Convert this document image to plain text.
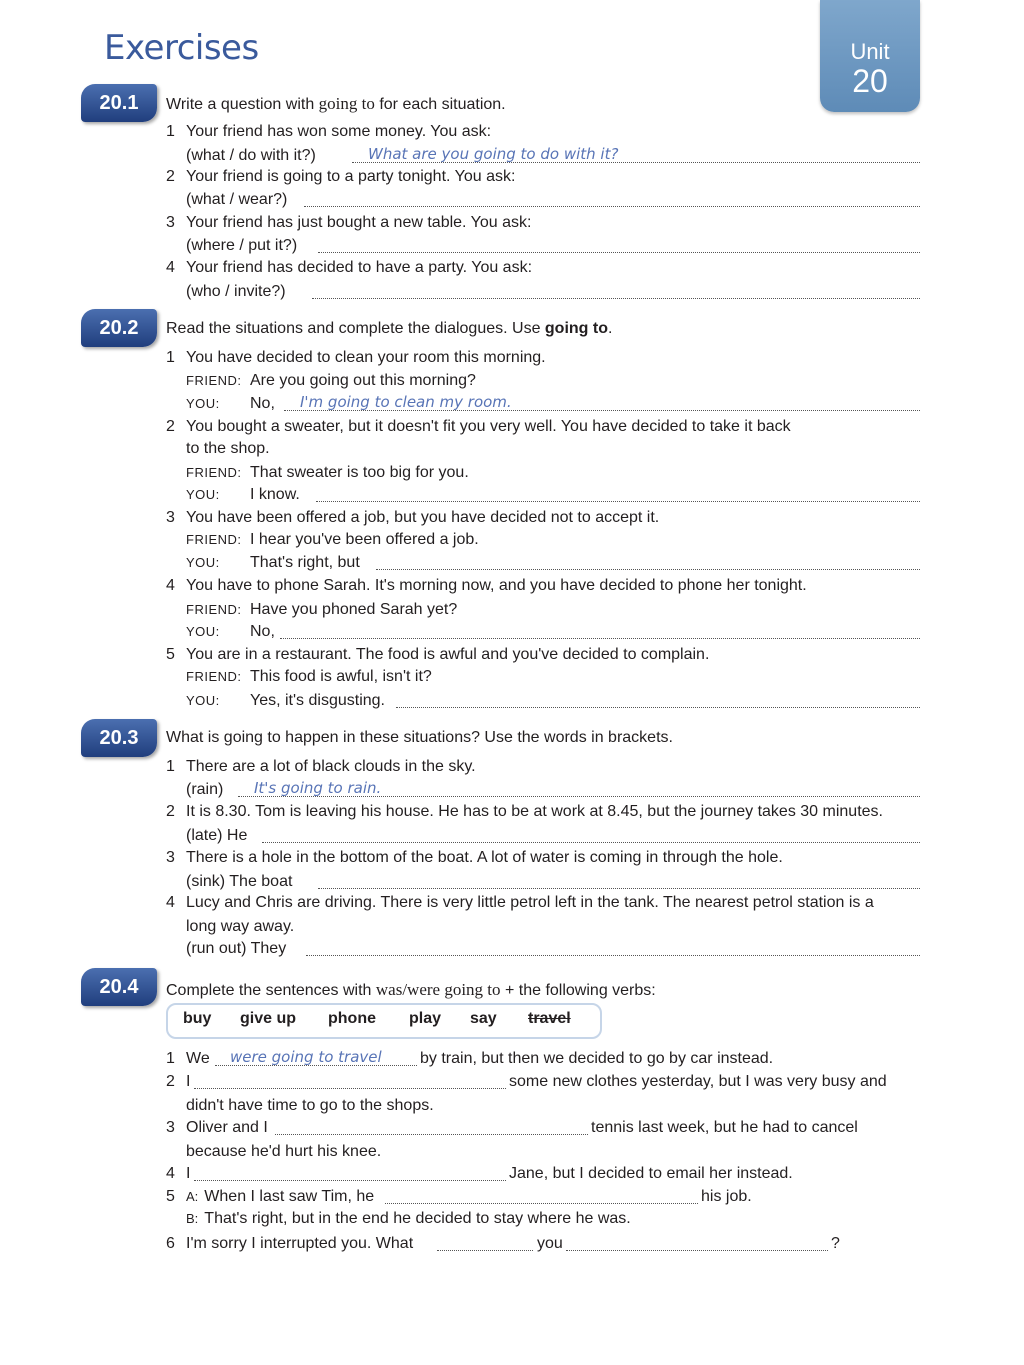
Exercises	Unit
20
20.1	Write a question with going to for each situation.
1 Your friend has won some money. You ask:
(what / do with it?)	What are you going to do with it?
2 Your friend is going to a party tonight. You ask:
(what / wear?)
3 Your friend has just bought a new table. You ask:
(where / put it?)
4 Your friend has decided to have a party. You ask:
(who / invite?)
20.2	Read the situations and complete the dialogues. Use going to.
1 You have decided to clean your room this morning.
FRIEND: Are you going out this morning?
YOU: No, I'm going to clean my room.
2 You bought a sweater, but it doesn't fit you very well. You have decided to take it back
to the shop.
FRIEND: That sweater is too big for you.
YOU: I know.
3 You have been offered a job, but you have decided not to accept it.
FRIEND: I hear you've been offered a job.
YOU: That's right, but
4 You have to phone Sarah. It's morning now, and you have decided to phone her tonight.
FRIEND: Have you phoned Sarah yet?
YOU: No,
5 You are in a restaurant. The food is awful and you've decided to complain.
FRIEND: This food is awful, isn't it?
YOU: Yes, it's disgusting.
20.3	What is going to happen in these situations? Use the words in brackets.
1 There are a lot of black clouds in the sky.
(rain) It's going to rain.
2 It is 8.30. Tom is leaving his house. He has to be at work at 8.45, but the journey takes 30 minutes.
(late) He
3 There is a hole in the bottom of the boat. A lot of water is coming in through the hole.
(sink) The boat
4 Lucy and Chris are driving. There is very little petrol left in the tank. The nearest petrol station is a
long way away.
(run out) They
20.4	Complete the sentences with was/were going to + the following verbs:
buy give up phone play say travel
1 We were going to travel by train, but then we decided to go by car instead.
2 I	some new clothes yesterday, but I was very busy and
didn't have time to go to the shops.
3 Oliver and I	tennis last week, but he had to cancel
because he'd hurt his knee.
4 I	Jane, but I decided to email her instead.
5 A: When I last saw Tim, he	his job.
B: That's right, but in the end he decided to stay where he was.
6 I'm sorry I interrupted you. What	you	?
